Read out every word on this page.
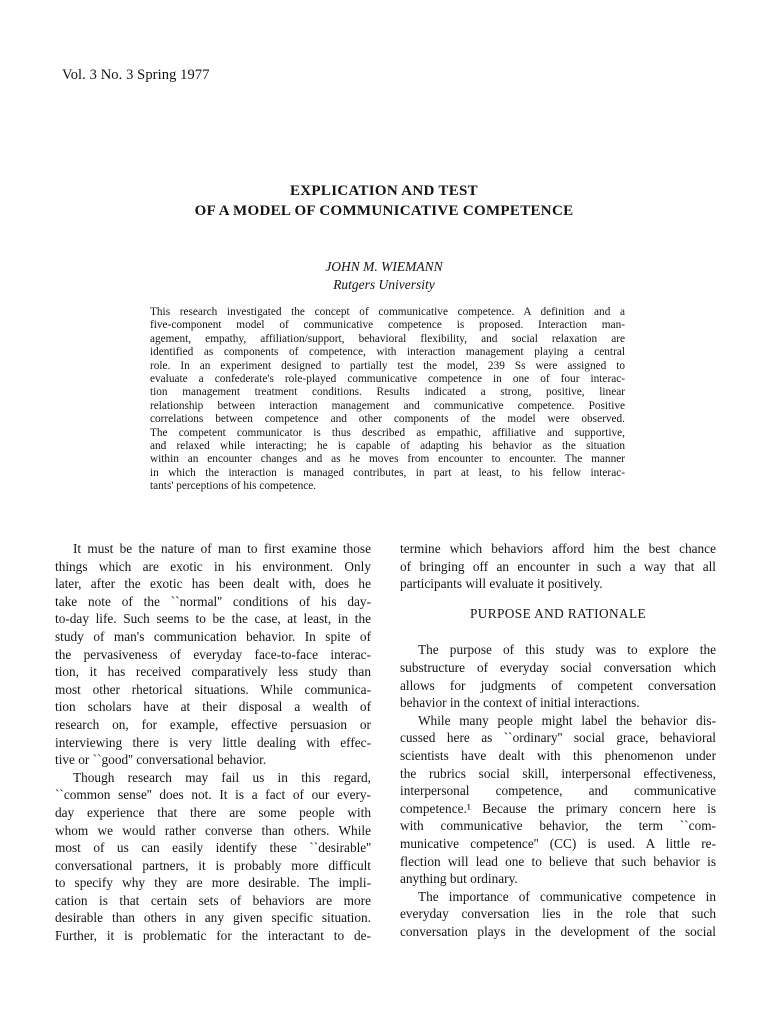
Vol. 3 No. 3 Spring 1977
EXPLICATION AND TEST
OF A MODEL OF COMMUNICATIVE COMPETENCE
JOHN M. WIEMANN
Rutgers University
This research investigated the concept of communicative competence. A definition and a
five-component model of communicative competence is proposed. Interaction man-
agement, empathy, affiliation/support, behavioral flexibility, and social relaxation are
identified as components of competence, with interaction management playing a central
role. In an experiment designed to partially test the model, 239 Ss were assigned to
evaluate a confederate's role-played communicative competence in one of four interac-
tion management treatment conditions. Results indicated a strong, positive, linear
relationship between interaction management and communicative competence. Positive
correlations between competence and other components of the model were observed.
The competent communicator is thus described as empathic, affiliative and supportive,
and relaxed while interacting; he is capable of adapting his behavior as the situation
within an encounter changes and as he moves from encounter to encounter. The manner
in which the interaction is managed contributes, in part at least, to his fellow interac-
tants' perceptions of his competence.
It must be the nature of man to first examine those
things which are exotic in his environment. Only
later, after the exotic has been dealt with, does he
take note of the ``normal'' conditions of his day-
to-day life. Such seems to be the case, at least, in the
study of man's communication behavior. In spite of
the pervasiveness of everyday face-to-face interac-
tion, it has received comparatively less study than
most other rhetorical situations. While communica-
tion scholars have at their disposal a wealth of
research on, for example, effective persuasion or
interviewing there is very little dealing with effec-
tive or ``good'' conversational behavior.
Though research may fail us in this regard,
``common sense'' does not. It is a fact of our every-
day experience that there are some people with
whom we would rather converse than others. While
most of us can easily identify these ``desirable''
conversational partners, it is probably more difficult
to specify why they are more desirable. The impli-
cation is that certain sets of behaviors are more
desirable than others in any given specific situation.
Further, it is problematic for the interactant to de-
termine which behaviors afford him the best chance
of bringing off an encounter in such a way that all
participants will evaluate it positively.
PURPOSE AND RATIONALE
The purpose of this study was to explore the
substructure of everyday social conversation which
allows for judgments of competent conversation
behavior in the context of initial interactions.
While many people might label the behavior dis-
cussed here as ``ordinary'' social grace, behavioral
scientists have dealt with this phenomenon under
the rubrics social skill, interpersonal effectiveness,
interpersonal competence, and communicative
competence.¹ Because the primary concern here is
with communicative behavior, the term ``com-
municative competence'' (CC) is used. A little re-
flection will lead one to believe that such behavior is
anything but ordinary.
The importance of communicative competence in
everyday conversation lies in the role that such
conversation plays in the development of the social
